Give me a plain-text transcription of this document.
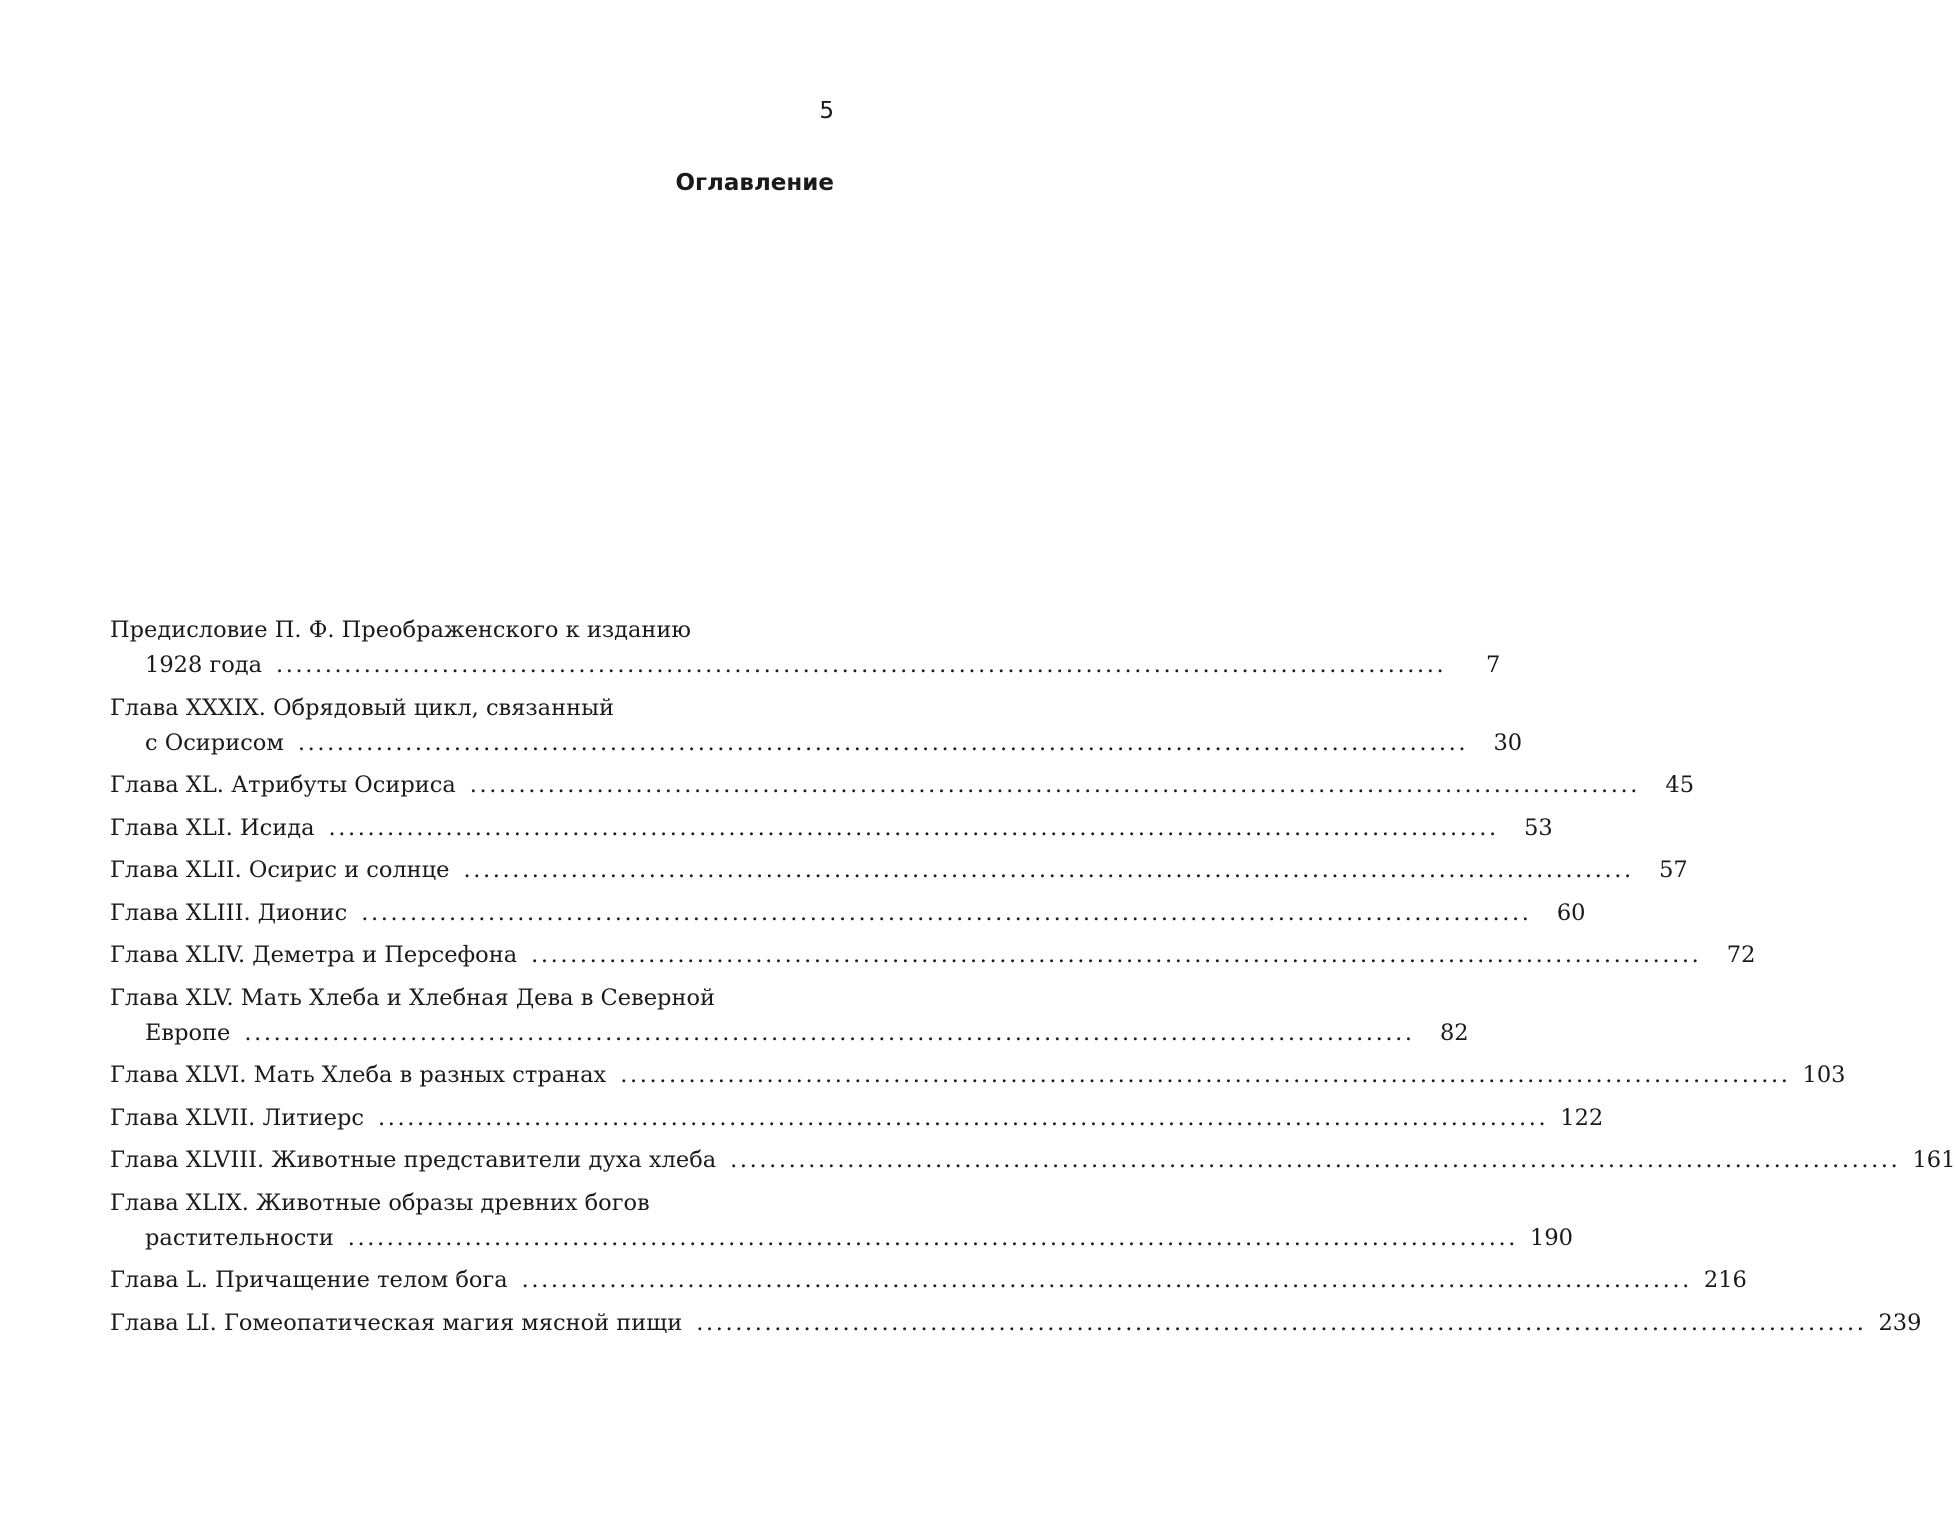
5
Оглавление
Предисловие П. Ф. Преображенского к изданию
1928 года ........................................................................................................................	7
Глава XXXIX. Обрядовый цикл, связанный
с Осирисом ........................................................................................................................	30
Глава XL. Атрибуты Осириса ........................................................................................................................	45
Глава XLI. Исида ........................................................................................................................	53
Глава XLII. Осирис и солнце ........................................................................................................................	57
Глава XLIII. Дионис ........................................................................................................................	60
Глава XLIV. Деметра и Персефона ........................................................................................................................	72
Глава XLV. Мать Хлеба и Хлебная Дева в Северной
Европе ........................................................................................................................	82
Глава XLVI. Мать Хлеба в разных странах ........................................................................................................................ 103
Глава XLVII. Литиерс ........................................................................................................................ 122
Глава XLVIII. Животные представители духа хлеба ........................................................................................................................ 161
Глава XLIX. Животные образы древних богов
растительности ........................................................................................................................ 190
Глава L. Причащение телом бога ........................................................................................................................ 216
Глава LI. Гомеопатическая магия мясной пищи ........................................................................................................................ 239
